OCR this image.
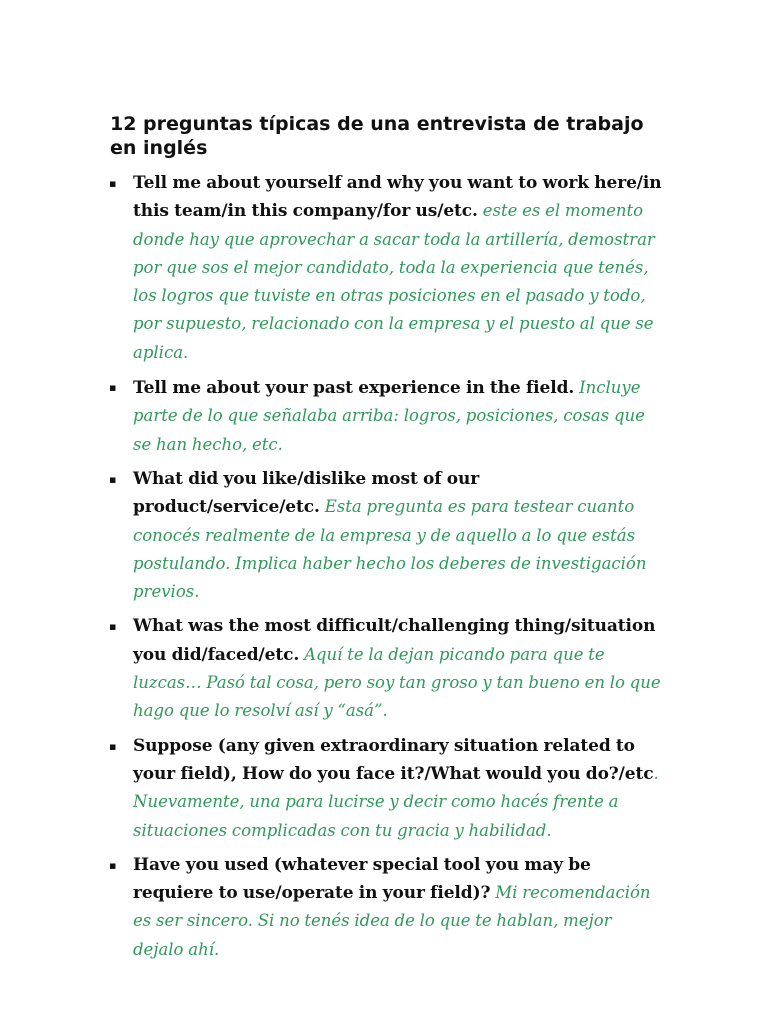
12 preguntas típicas de una entrevista de trabajo en inglés
▪ Tell me about yourself and why you want to work here/in this team/in this company/for us/etc. este es el momento donde hay que aprovechar a sacar toda la artillería, demostrar por que sos el mejor candidato, toda la experiencia que tenés, los logros que tuviste en otras posiciones en el pasado y todo, por supuesto, relacionado con la empresa y el puesto al que se aplica.
▪ Tell me about your past experience in the field. Incluye parte de lo que señalaba arriba: logros, posiciones, cosas que se han hecho, etc.
▪ What did you like/dislike most of our product/service/etc. Esta pregunta es para testear cuanto conocés realmente de la empresa y de aquello a lo que estás postulando. Implica haber hecho los deberes de investigación previos.
▪ What was the most difficult/challenging thing/situation you did/faced/etc. Aquí te la dejan picando para que te luzcas… Pasó tal cosa, pero soy tan groso y tan bueno en lo que hago que lo resolví así y “asá”.
▪ Suppose (any given extraordinary situation related to your field), How do you face it?/What would you do?/etc. Nuevamente, una para lucirse y decir como hacés frente a situaciones complicadas con tu gracia y habilidad.
▪ Have you used (whatever special tool you may be requiere to use/operate in your field)? Mi recomendación es ser sincero. Si no tenés idea de lo que te hablan, mejor dejalo ahí.
